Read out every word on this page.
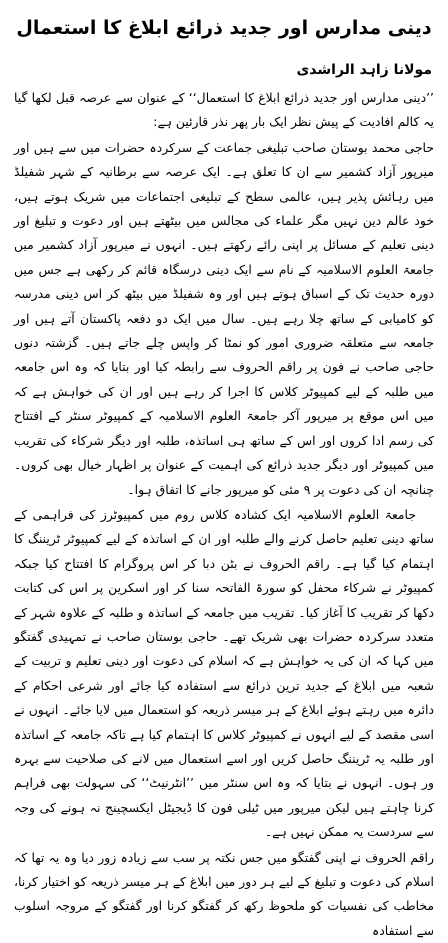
دینی مدارس اور جدید ذرائع ابلاغ کا استعمال
مولانا زاہد الراشدی

’’دینی مدارس اور جدید ذرائع ابلاغ کا استعمال‘‘ کے عنوان سے عرصہ قبل لکھا گیا یہ کالم افادیت کے پیش نظر ایک بار پھر نذر قارئین ہے:

حاجی محمد بوستان صاحب تبلیغی جماعت کے سرکردہ حضرات میں سے ہیں اور میرپور آزاد کشمیر سے ان کا تعلق ہے۔ ایک عرصہ سے برطانیہ کے شہر شفیلڈ میں رہائش پذیر ہیں، عالمی سطح کے تبلیغی اجتماعات میں شریک ہوتے ہیں، خود عالم دین نہیں مگر علماء کی مجالس میں بیٹھتے ہیں اور دعوت و تبلیغ اور دینی تعلیم کے مسائل پر اپنی رائے رکھتے ہیں۔ انہوں نے میرپور آزاد کشمیر میں جامعۃ العلوم الاسلامیہ کے نام سے ایک دینی درسگاہ قائم کر رکھی ہے جس میں دورہ حدیث تک کے اسباق ہوتے ہیں اور وہ شفیلڈ میں بیٹھ کر اس دینی مدرسہ کو کامیابی کے ساتھ چلا رہے ہیں۔ سال میں ایک دو دفعہ پاکستان آتے ہیں اور جامعہ سے متعلقہ ضروری امور کو نمٹا کر واپس چلے جاتے ہیں۔ گزشتہ دنوں حاجی صاحب نے فون پر راقم الحروف سے رابطہ کیا اور بتایا کہ وہ اس جامعہ میں طلبہ کے لیے کمپیوٹر کلاس کا اجرا کر رہے ہیں اور ان کی خواہش ہے کہ میں اس موقع پر میرپور آکر جامعۃ العلوم الاسلامیہ کے کمپیوٹر سنٹر کے افتتاح کی رسم ادا کروں اور اس کے ساتھ ہی اساتذہ، طلبہ اور دیگر شرکاء کی تقریب میں کمپیوٹر اور دیگر جدید ذرائع کی اہمیت کے عنوان پر اظہار خیال بھی کروں۔ چنانچہ ان کی دعوت پر ۹ مئی کو میرپور جانے کا اتفاق ہوا۔

جامعۃ العلوم الاسلامیہ ایک کشادہ کلاس روم میں کمپیوٹرز کی فراہمی کے ساتھ دینی تعلیم حاصل کرنے والے طلبہ اور ان کے اساتذہ کے لیے کمپیوٹر ٹریننگ کا اہتمام کیا گیا ہے۔ راقم الحروف نے بٹن دبا کر اس پروگرام کا افتتاح کیا جبکہ کمپیوٹر نے شرکاء محفل کو سورۃ الفاتحہ سنا کر اور اسکرین پر اس کی کتابت دکھا کر تقریب کا آغاز کیا۔ تقریب میں جامعہ کے اساتذہ و طلبہ کے علاوہ شہر کے متعدد سرکردہ حضرات بھی شریک تھے۔ حاجی بوستان صاحب نے تمہیدی گفتگو میں کہا کہ ان کی یہ خواہش ہے کہ اسلام کی دعوت اور دینی تعلیم و تربیت کے شعبہ میں ابلاغ کے جدید ترین ذرائع سے استفادہ کیا جائے اور شرعی احکام کے دائرہ میں رہتے ہوئے ابلاغ کے ہر میسر ذریعہ کو استعمال میں لایا جائے۔ انہوں نے اسی مقصد کے لیے انہوں نے کمپیوٹر کلاس کا اہتمام کیا ہے تاکہ جامعہ کے اساتذہ اور طلبہ یہ ٹریننگ حاصل کریں اور اسے استعمال میں لانے کی صلاحیت سے بہرہ ور ہوں۔ انہوں نے بتایا کہ وہ اس سنٹر میں ’’انٹرنیٹ‘‘ کی سہولت بھی فراہم کرنا چاہتے ہیں لیکن میرپور میں ٹیلی فون کا ڈیجیٹل ایکسچینج نہ ہونے کی وجہ سے سردست یہ ممکن نہیں ہے۔

راقم الحروف نے اپنی گفتگو میں جس نکتہ پر سب سے زیادہ زور دیا وہ یہ تھا کہ اسلام کی دعوت و تبلیغ کے لیے ہر دور میں ابلاغ کے ہر میسر ذریعہ کو اختیار کرنا، مخاطب کی نفسیات کو ملحوظ رکھ کر گفتگو کرنا اور گفتگو کے مروجہ اسلوب سے استفادہ
